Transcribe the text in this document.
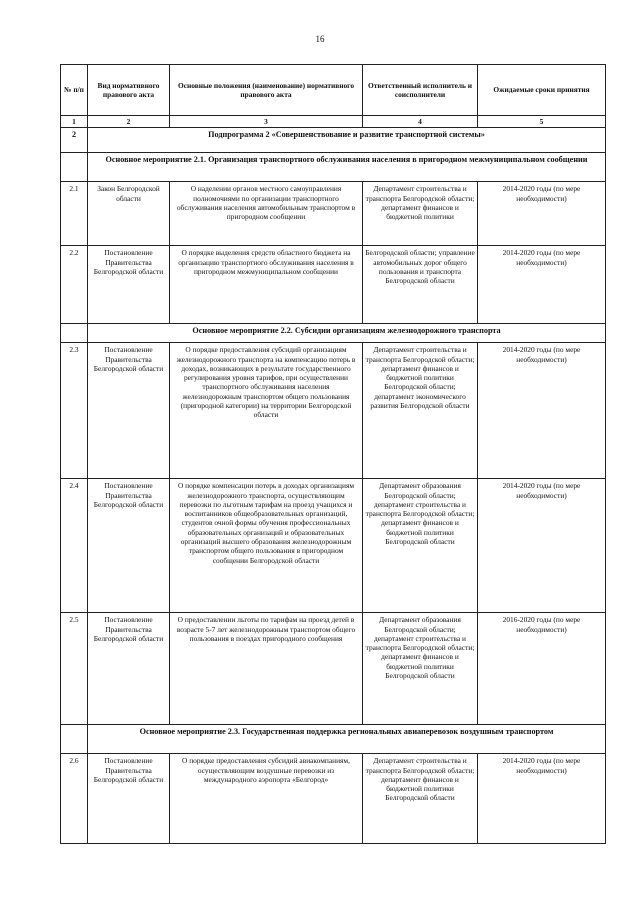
16
№ п/п	Вид нормативного правового акта	Основные положения (наименование) нормативного правового акта	Ответственный исполнитель и соисполнители	Ожидаемые сроки принятия
1	2	3	4	5
2	Подпрограмма 2 «Совершенствование и развитие транспортной системы»			
	Основное мероприятие 2.1. Организация транспортного обслуживания населения в пригородном межмуниципальном сообщении			
2.1	Закон Белгородской области	О наделении органов местного самоуправления полномочиями по организации транспортного обслуживания населения автомобильным транспортом в пригородном сообщении	Департамент строительства и транспорта Белгородской области; департамент финансов и бюджетной политики	2014-2020 годы (по мере необходимости)
2.2	Постановление Правительства Белгородской области	О порядке выделения средств областного бюджета на организацию транспортного обслуживания населения в пригородном межмуниципальном сообщении	Белгородской области; управление автомобильных дорог общего пользования и транспорта Белгородской области	2014-2020 годы (по мере необходимости)
	Основное мероприятие 2.2. Субсидии организациям железнодорожного транспорта			
2.3	Постановление Правительства Белгородской области	О порядке предоставления субсидий организациям железнодорожного транспорта на компенсацию потерь в доходах, возникающих в результате государственного регулирования уровня тарифов, при осуществлении транспортного обслуживания населения железнодорожным транспортом общего пользования (пригородной категории) на территории Белгородской области	Департамент строительства и транспорта Белгородской области; департамент финансов и бюджетной политики Белгородской области; департамент экономического развития Белгородской области	2014-2020 годы (по мере необходимости)
2.4	Постановление Правительства Белгородской области	О порядке компенсации потерь в доходах организациям железнодорожного транспорта, осуществляющим перевозки по льготным тарифам на проезд учащихся и воспитанников общеобразовательных организаций, студентов очной формы обучения профессиональных образовательных организаций и образовательных организаций высшего образования железнодорожным транспортом общего пользования в пригородном сообщении Белгородской области	Департамент образования Белгородской области; департамент строительства и транспорта Белгородской области; департамент финансов и бюджетной политики Белгородской области	2014-2020 годы (по мере необходимости)
2.5	Постановление Правительства Белгородской области	О предоставлении льготы по тарифам на проезд детей в возрасте 5-7 лет железнодорожным транспортом общего пользования в поездах пригородного сообщения	Департамент образования Белгородской области; департамент строительства и транспорта Белгородской области; департамент финансов и бюджетной политики Белгородской области	2016-2020 годы (по мере необходимости)
	Основное мероприятие 2.3. Государственная поддержка региональных авиаперевозок воздушным транспортом			
2.6	Постановление Правительства Белгородской области	О порядке предоставления субсидий авиакомпаниям, осуществляющим воздушные перевозки из международного аэропорта «Белгород»	Департамент строительства и транспорта Белгородской области; департамент финансов и бюджетной политики Белгородской области	2014-2020 годы (по мере необходимости)
